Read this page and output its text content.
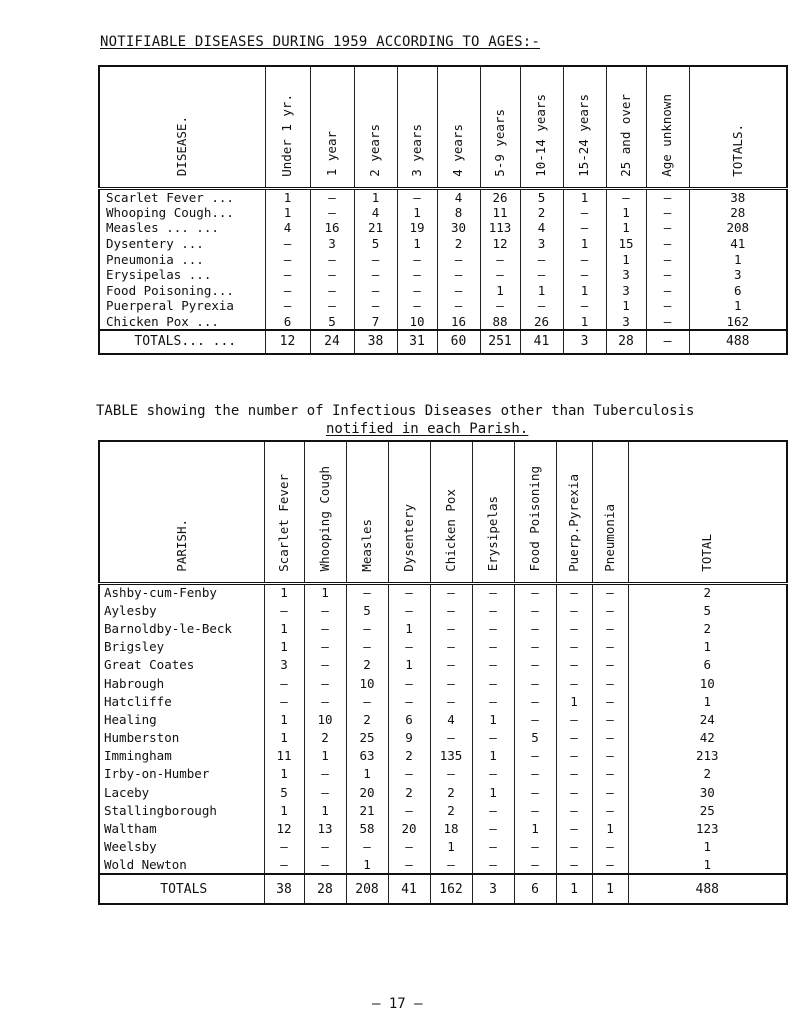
NOTIFIABLE DISEASES DURING 1959 ACCORDING TO AGES:-
DISEASE.	Under 1 yr.	1 year	2 years	3 years	4 years	5-9 years	10-14 years	15-24 years	25 and over	Age unknown	TOTALS.
Scarlet Fever ...	1	–	1	–	4	26	5	1	–	–	38
Whooping Cough...	1	–	4	1	8	11	2	–	1	–	28
Measles ... ...	4	16	21	19	30	113	4	–	1	–	208
Dysentery ...	–	3	5	1	2	12	3	1	15	–	41
Pneumonia ...	–	–	–	–	–	–	–	–	1	–	1
Erysipelas ...	–	–	–	–	–	–	–	–	3	–	3
Food Poisoning...	–	–	–	–	–	1	1	1	3	–	6
Puerperal Pyrexia	–	–	–	–	–	–	–	–	1	–	1
Chicken Pox ...	6	5	7	10	16	88	26	1	3	–	162
TOTALS... ...	12	24	38	31	60	251	41	3	28	–	488
TABLE showing the number of Infectious Diseases other than Tuberculosis
notified in each Parish.
PARISH.	Scarlet Fever	Whooping Cough	Measles	Dysentery	Chicken Pox	Erysipelas	Food Poisoning	Puerp.Pyrexia	Pneumonia	TOTAL
Ashby-cum-Fenby	1	1	–	–	–	–	–	–	–	2
Aylesby	–	–	5	–	–	–	–	–	–	5
Barnoldby-le-Beck	1	–	–	1	–	–	–	–	–	2
Brigsley	1	–	–	–	–	–	–	–	–	1
Great Coates	3	–	2	1	–	–	–	–	–	6
Habrough	–	–	10	–	–	–	–	–	–	10
Hatcliffe	–	–	–	–	–	–	–	1	–	1
Healing	1	10	2	6	4	1	–	–	–	24
Humberston	1	2	25	9	–	–	5	–	–	42
Immingham	11	1	63	2	135	1	–	–	–	213
Irby-on-Humber	1	–	1	–	–	–	–	–	–	2
Laceby	5	–	20	2	2	1	–	–	–	30
Stallingborough	1	1	21	–	2	–	–	–	–	25
Waltham	12	13	58	20	18	–	1	–	1	123
Weelsby	–	–	–	–	1	–	–	–	–	1
Wold Newton	–	–	1	–	–	–	–	–	–	1
TOTALS	38	28	208	41	162	3	6	1	1	488
– 17 –
